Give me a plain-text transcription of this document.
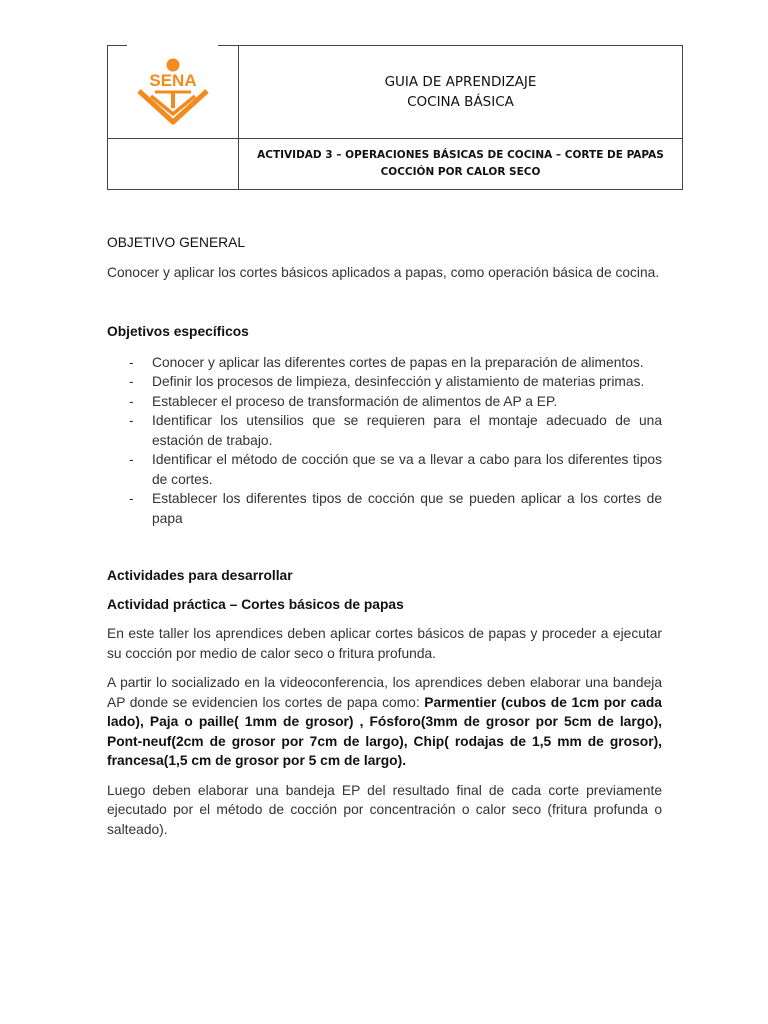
SENA	GUIA DE APRENDIZAJE
COCINA BÁSICA

	ACTIVIDAD 3 – OPERACIONES BÁSICAS DE COCINA – CORTE DE PAPAS
COCCIÓN POR CALOR SECO

OBJETIVO GENERAL

Conocer y aplicar los cortes básicos aplicados a papas, como operación básica de cocina.

Objetivos específicos

- Conocer y aplicar las diferentes cortes de papas en la preparación de alimentos.
- Definir los procesos de limpieza, desinfección y alistamiento de materias primas.
- Establecer el proceso de transformación de alimentos de AP a EP.
- Identificar los utensilios que se requieren para el montaje adecuado de una estación de trabajo.
- Identificar el método de cocción que se va a llevar a cabo para los diferentes tipos de cortes.
- Establecer los diferentes tipos de cocción que se pueden aplicar a los cortes de papa

Actividades para desarrollar

Actividad práctica – Cortes básicos de papas

En este taller los aprendices deben aplicar cortes básicos de papas y proceder a ejecutar su cocción por medio de calor seco o fritura profunda.

A partir lo socializado en la videoconferencia, los aprendices deben elaborar una bandeja AP donde se evidencien los cortes de papa como: Parmentier (cubos de 1cm por cada lado), Paja o paille( 1mm de grosor) , Fósforo(3mm de grosor por 5cm de largo), Pont-neuf(2cm de grosor por 7cm de largo), Chip( rodajas de 1,5 mm de grosor), francesa(1,5 cm de grosor por 5 cm de largo).

Luego deben elaborar una bandeja EP del resultado final de cada corte previamente ejecutado por el método de cocción por concentración o calor seco (fritura profunda o salteado).
